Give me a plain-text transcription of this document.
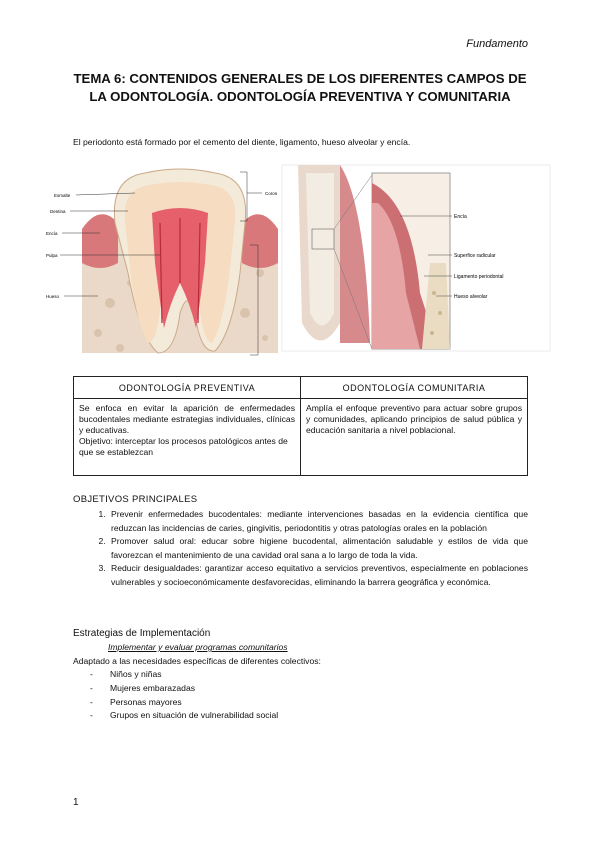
Fundamento
TEMA 6: CONTENIDOS GENERALES DE LOS DIFERENTES CAMPOS DE LA ODONTOLOGÍA. ODONTOLOGÍA PREVENTIVA Y COMUNITARIA
El periodonto está formado por el cemento del diente, ligamento, hueso alveolar y encía.
Esmalte
Dentina
Encía
Pulpa
Hueso
Coron
Encía
Superfice radicular
Ligamento periodontal
Hueso alveolar
ODONTOLOGÍA PREVENTIVA	ODONTOLOGÍA COMUNITARIA

Se enfoca en evitar la aparición de enfermedades bucodentales mediante estrategias individuales, clínicas y educativas.
Objetivo: interceptar los procesos patológicos antes de que se establezcan	Amplía el enfoque preventivo para actuar sobre grupos y comunidades, aplicando principios de salud pública y educación sanitaria a nivel poblacional.
OBJETIVOS PRINCIPALES
1. Prevenir enfermedades bucodentales: mediante intervenciones basadas en la evidencia científica que reduzcan las incidencias de caries, gingivitis, periodontitis y otras patologías orales en la población
2. Promover salud oral: educar sobre higiene bucodental, alimentación saludable y estilos de vida que favorezcan el mantenimiento de una cavidad oral sana a lo largo de toda la vida.
3. Reducir desigualdades: garantizar acceso equitativo a servicios preventivos, especialmente en poblaciones vulnerables y socioeconómicamente desfavorecidas, eliminando la barrera geográfica y económica.
Estrategias de Implementación
Implementar y evaluar programas comunitarios
Adaptado a las necesidades específicas de diferentes colectivos:
- Niños y niñas
- Mujeres embarazadas
- Personas mayores
- Grupos en situación de vulnerabilidad social
1
